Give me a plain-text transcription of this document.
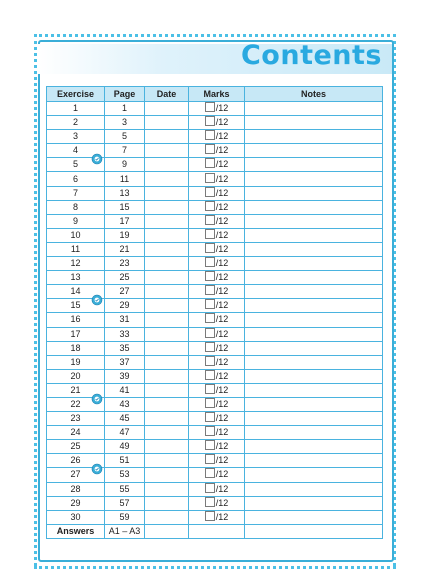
Contents
Exercise	Page	Date	Marks	Notes
1	1		/12	
2	3		/12	
3	5		/12	
4	7		/12	
5	9		/12	
6	11		/12	
7	13		/12	
8	15		/12	
9	17		/12	
10	19		/12	
11	21		/12	
12	23		/12	
13	25		/12	
14	27		/12	
15	29		/12	
16	31		/12	
17	33		/12	
18	35		/12	
19	37		/12	
20	39		/12	
21	41		/12	
22	43		/12	
23	45		/12	
24	47		/12	
25	49		/12	
26	51		/12	
27	53		/12	
28	55		/12	
29	57		/12	
30	59		/12	
Answers	A1 – A3			
